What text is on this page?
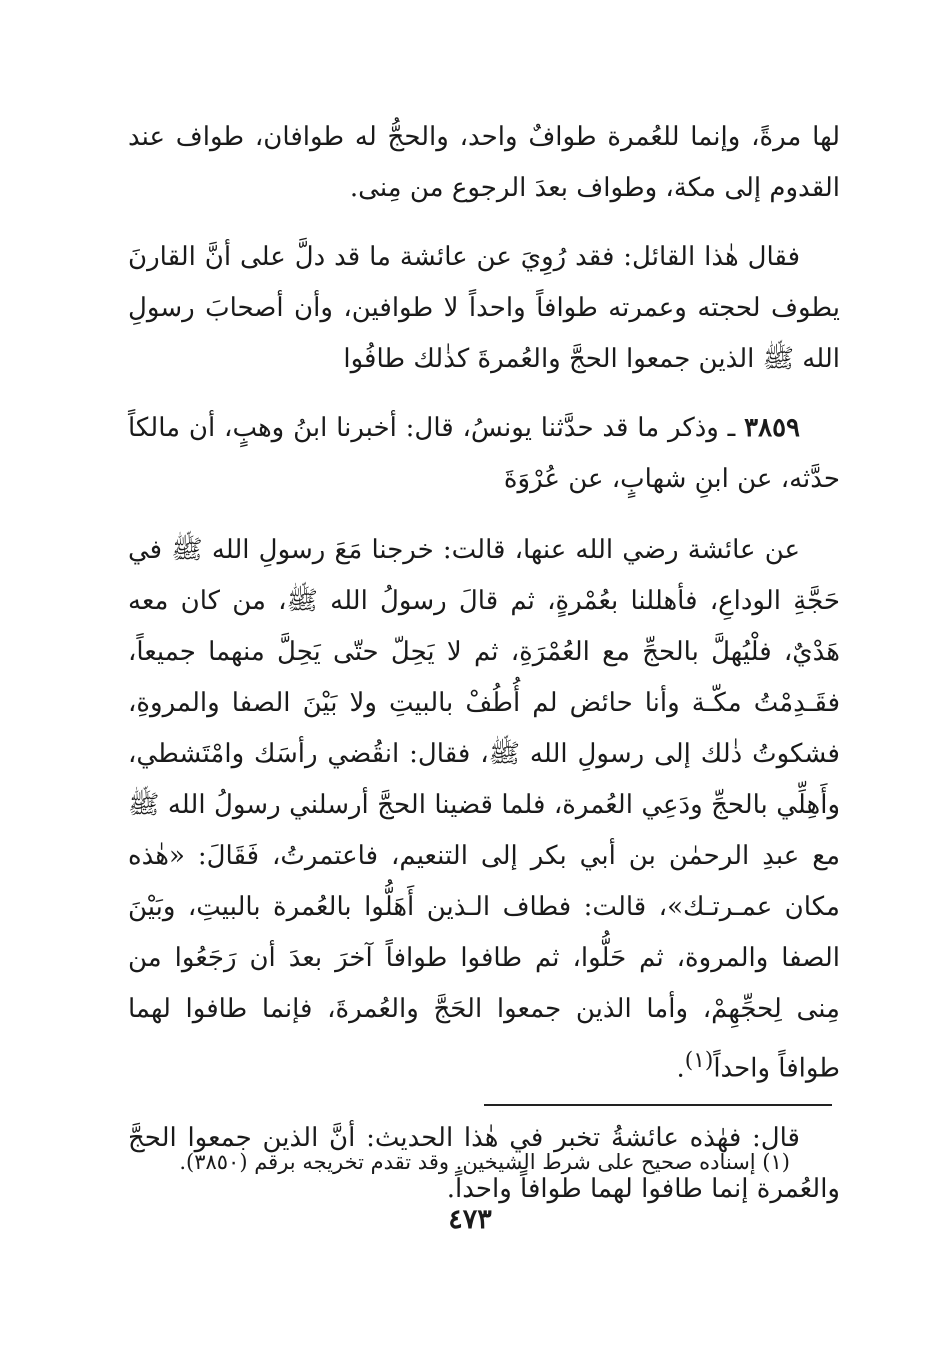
لها مرةً، وإنما للعُمرة طوافٌ واحد، والحجُّ له طوافان، طواف عند القدوم إلى مكة، وطواف بعدَ الرجوع من مِنى.

فقال هٰذا القائل: فقد رُوِيَ عن عائشة ما قد دلَّ على أنَّ القارنَ يطوف لحجته وعمرته طوافاً واحداً لا طوافين، وأن أصحابَ رسولِ الله ﷺ الذين جمعوا الحجَّ والعُمرةَ كذٰلك طافُوا

٣٨٥٩ ـ وذكر ما قد حدَّثنا يونسُ، قال: أخبرنا ابنُ وهبٍ، أن مالكاً حدَّثه، عن ابنِ شهابٍ، عن عُرْوَةَ

عن عائشة رضي الله عنها، قالت: خرجنا مَعَ رسولِ الله ﷺ في حَجَّةِ الوداعِ، فأهللنا بعُمْرةٍ، ثم قالَ رسولُ الله ﷺ، من كان معه هَدْيٌ، فلْيُهلَّ بالحجِّ مع العُمْرَةِ، ثم لا يَحِلّ حتّى يَحِلَّ منهما جميعاً، فقَـدِمْتُ مكّـة وأنا حائض لم أُطُفْ بالبيتِ ولا بَيْنَ الصفا والمروةِ، فشكوتُ ذٰلك إلى رسولِ الله ﷺ، فقال: انقُضي رأسَك وامْتَشطي، وأَهِلِّي بالحجِّ ودَعِي العُمرة، فلما قضينا الحجَّ أرسلني رسولُ الله ﷺ مع عبدِ الرحمٰن بن أبي بكر إلى التنعيم، فاعتمرتُ، فَقَالَ: «هٰذه مكان عمـرتـك»، قالت: فطاف الـذين أَهَلُّوا بالعُمرة بالبيتِ، وبَيْنَ الصفا والمروة، ثم حَلُّوا، ثم طافوا طوافاً آخرَ بعدَ أن رَجَعُوا من مِنى لِحجِّهِمْ، وأما الذين جمعوا الحَجَّ والعُمرةَ، فإنما طافوا لهما طوافاً واحداً$^{(١)}$.

قال: فهٰذه عائشةُ تخبر في هٰذا الحديث: أنَّ الذين جمعوا الحجَّ والعُمرة إنما طافوا لهما طوافاً واحداً.

(١) إسناده صحيح على شرط الشيخين. وقد تقدم تخريجه برقم (٣٨٥٠).
٤٧٣
